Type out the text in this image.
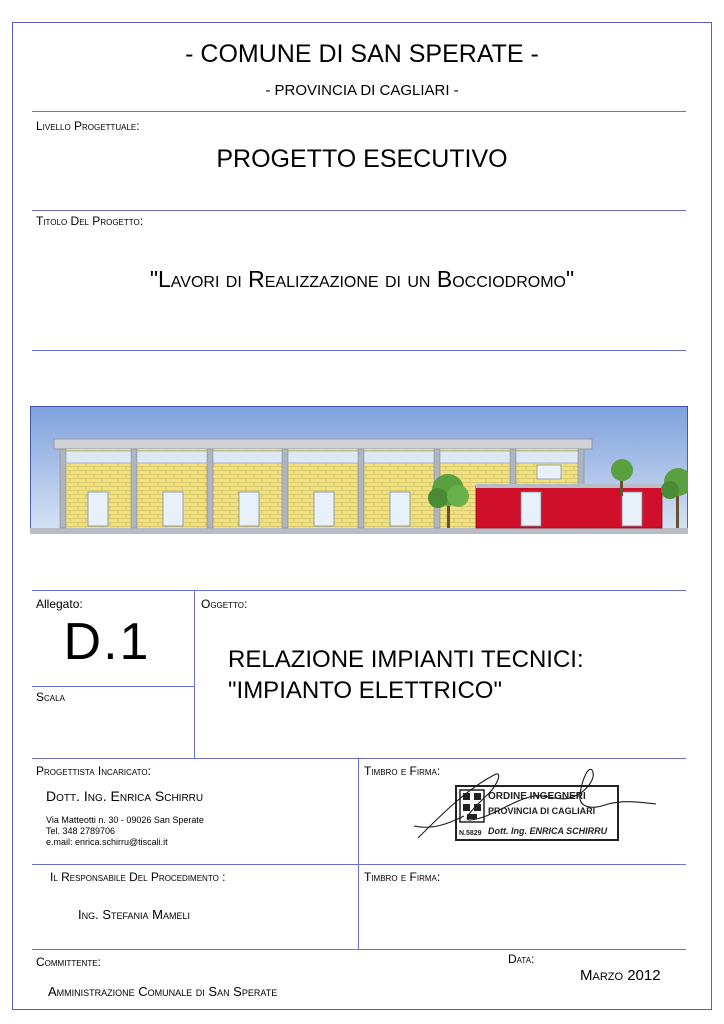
- COMUNE DI SAN SPERATE -
- PROVINCIA DI CAGLIARI -
Livello Progettuale:
PROGETTO ESECUTIVO
Titolo Del Progetto:
"Lavori di Realizzazione di un Bocciodromo"
Allegato:
D.1
Scala
Oggetto:
RELAZIONE IMPIANTI TECNICI:
"IMPIANTO ELETTRICO"
Progettista Incaricato:
Dott. Ing. Enrica Schirru
Via Matteotti n. 30 - 09026 San Sperate
Tel. 348 2789706
e.mail: enrica.schirru@tiscali.it
Timbro e Firma:
ORDINE INGEGNERI
PROVINCIA DI CAGLIARI
N.5829 Dott. Ing. ENRICA SCHIRRU
Il Responsabile Del Procedimento :
Ing. Stefania Mameli
Timbro e Firma:
Committente:
Amministrazione Comunale di San Sperate
Data:
Marzo 2012
